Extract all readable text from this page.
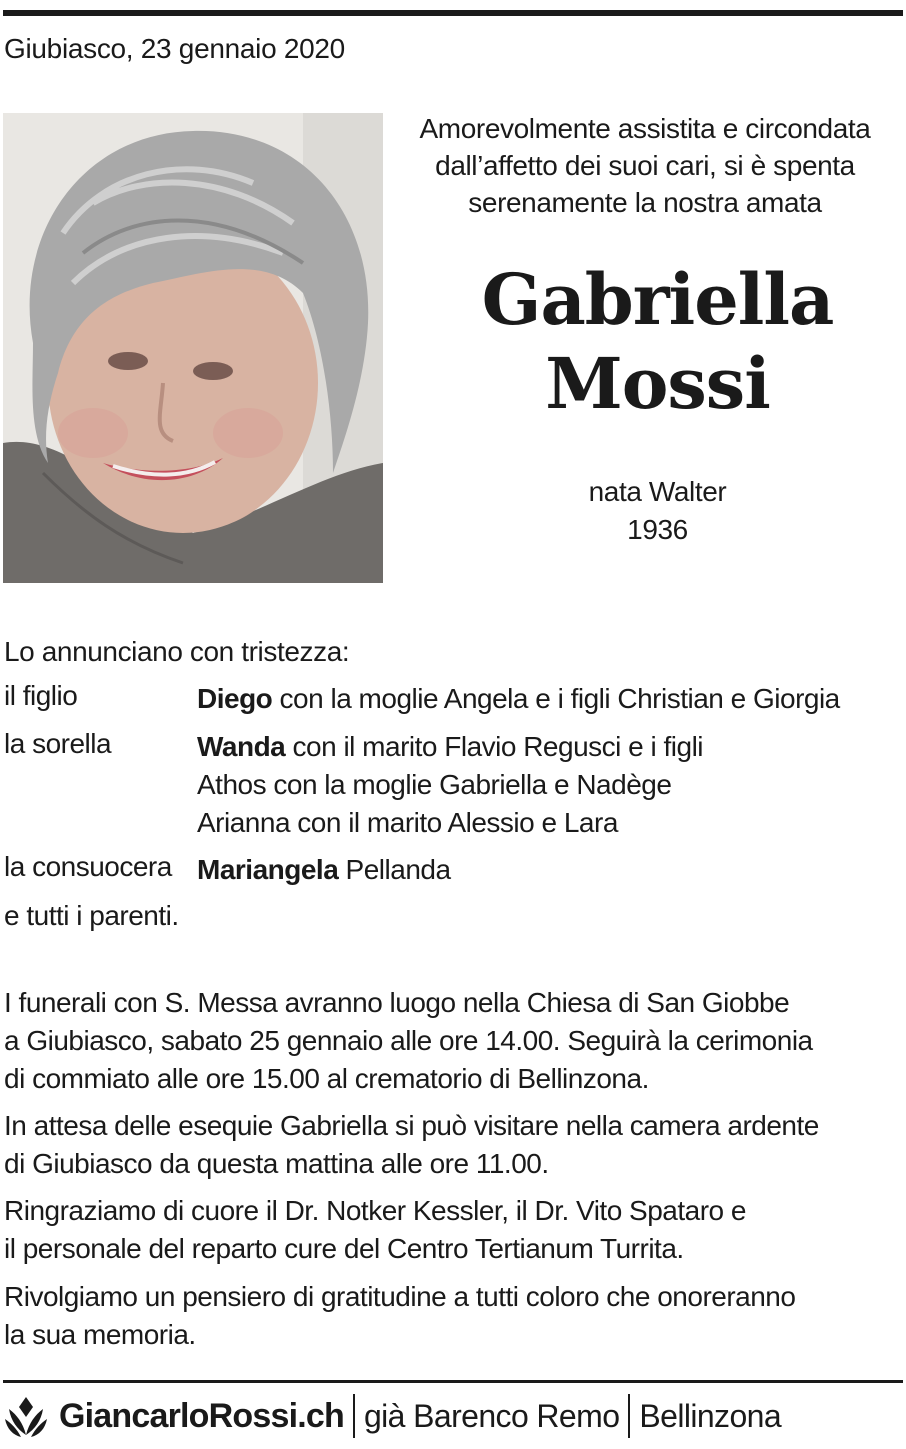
Giubiasco, 23 gennaio 2020
Amorevolmente assistita e circondata
dall’affetto dei suoi cari, si è spenta
serenamente la nostra amata
Gabriella
Mossi
nata Walter
1936
Lo annunciano con tristezza:
il figlio	Diego con la moglie Angela e i figli Christian e Giorgia
la sorella	Wanda con il marito Flavio Regusci e i figli
Athos con la moglie Gabriella e Nadège
Arianna con il marito Alessio e Lara
la consuocera Mariangela Pellanda
e tutti i parenti.
I funerali con S. Messa avranno luogo nella Chiesa di San Giobbe
a Giubiasco, sabato 25 gennaio alle ore 14.00. Seguirà la cerimonia
di commiato alle ore 15.00 al crematorio di Bellinzona.
In attesa delle esequie Gabriella si può visitare nella camera ardente
di Giubiasco da questa mattina alle ore 11.00.
Ringraziamo di cuore il Dr. Notker Kessler, il Dr. Vito Spataro e
il personale del reparto cure del Centro Tertianum Turrita.
Rivolgiamo un pensiero di gratitudine a tutti coloro che onoreranno
la sua memoria.
GiancarloRossi.ch già Barenco Remo Bellinzona
